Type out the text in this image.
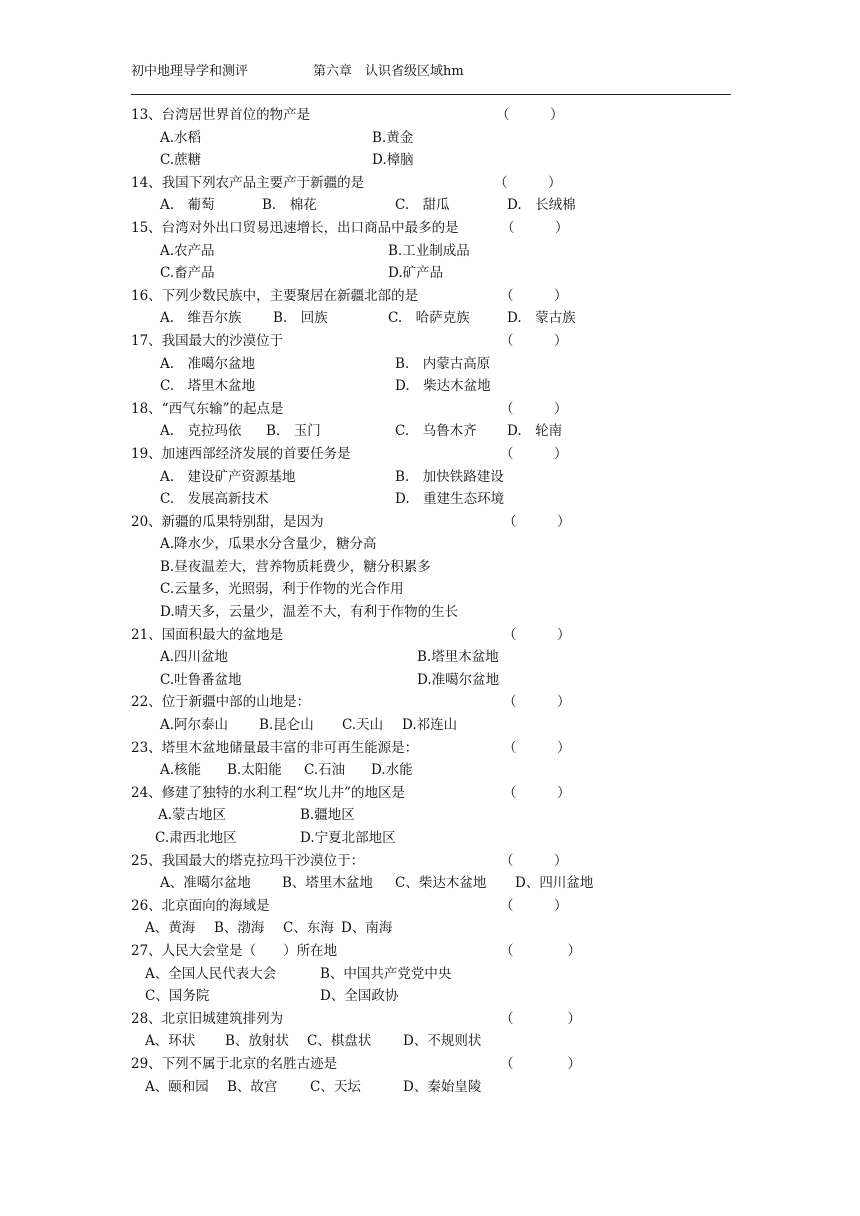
初中地理导学和测评	第六章　认识省级区域hm
13、台湾居世界首位的物产是	（　　　）
A.水稻	B.黄金
C.蔗糖	D.樟脑
14、我国下列农产品主要产于新疆的是	（　　　）
A.　葡萄	B.　棉花	C.　甜瓜	D.　长绒棉
15、台湾对外出口贸易迅速增长，出口商品中最多的是	（　　　）
A.农产品	B.工业制成品
C.畜产品	D.矿产品
16、下列少数民族中，主要聚居在新疆北部的是	（　　　）
A.　维吾尔族 B.　回族	C.　哈萨克族	D.　蒙古族
17、我国最大的沙漠位于	（　　　）
A.　准噶尔盆地	B.　内蒙古高原
C.　塔里木盆地	D.　柴达木盆地
18、“西气东输”的起点是	（　　　）
A.　克拉玛依 B.　玉门	C.　乌鲁木齐 D.　轮南
19、加速西部经济发展的首要任务是	（　　　）
A.　建设矿产资源基地	B.　加快铁路建设
C.　发展高新技术	D.　重建生态环境
20、新疆的瓜果特别甜，是因为	（　　　）
A.降水少，瓜果水分含量少，糖分高
B.昼夜温差大，营养物质耗费少，糖分积累多
C.云量多，光照弱，利于作物的光合作用
D.晴天多，云量少，温差不大，有利于作物的生长
21、国面积最大的盆地是	（　　　）
A.四川盆地	B.塔里木盆地
C.吐鲁番盆地	D.准噶尔盆地
22、位于新疆中部的山地是：	（　　　）
A.阿尔泰山 B.昆仑山 C.天山 D.祁连山
23、塔里木盆地储量最丰富的非可再生能源是：	（　　　）
A.核能 B.太阳能 C.石油 D.水能
24、修建了独特的水利工程“坎儿井”的地区是	（　　　）
A.蒙古地区	B.疆地区
C.肃西北地区	D.宁夏北部地区
25、我国最大的塔克拉玛干沙漠位于：	（　　　）
A、准噶尔盆地 B、塔里木盆地 C、柴达木盆地 D、四川盆地
26、北京面向的海域是	（　　　）
A、黄海 B、渤海 C、东海 D、南海
27、人民大会堂是（　　）所在地	（　　　　）
A、全国人民代表大会	B、中国共产党党中央
C、国务院	D、全国政协
28、北京旧城建筑排列为	（　　　　）
A、环状 B、放射状 C、棋盘状 D、不规则状
29、下列不属于北京的名胜古迹是	（　　　　）
A、颐和园 B、故宫 C、天坛	D、秦始皇陵
